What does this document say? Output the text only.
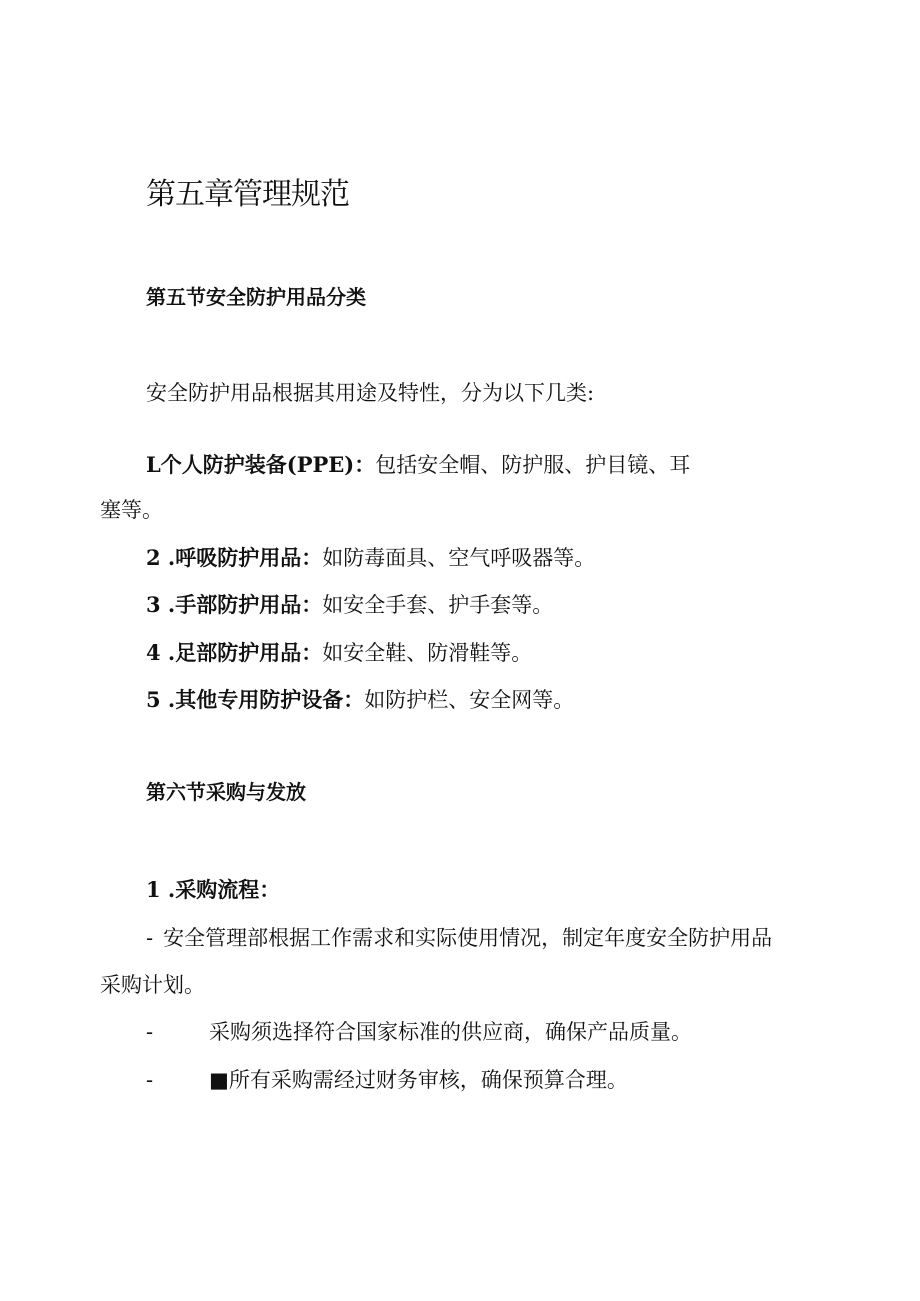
第五章管理规范
第五节安全防护用品分类
安全防护用品根据其用途及特性，分为以下几类:
L个人防护装备(PPE)：包括安全帽、防护服、护目镜、耳
塞等。
2 .呼吸防护用品：如防毒面具、空气呼吸器等。
3 .手部防护用品：如安全手套、护手套等。
4 .足部防护用品：如安全鞋、防滑鞋等。
5 .其他专用防护设备：如防护栏、安全网等。
第六节采购与发放
1 .采购流程：
- 安全管理部根据工作需求和实际使用情况，制定年度安全防护用品
采购计划。
-	采购须选择符合国家标准的供应商，确保产品质量。
-	■所有采购需经过财务审核，确保预算合理。
